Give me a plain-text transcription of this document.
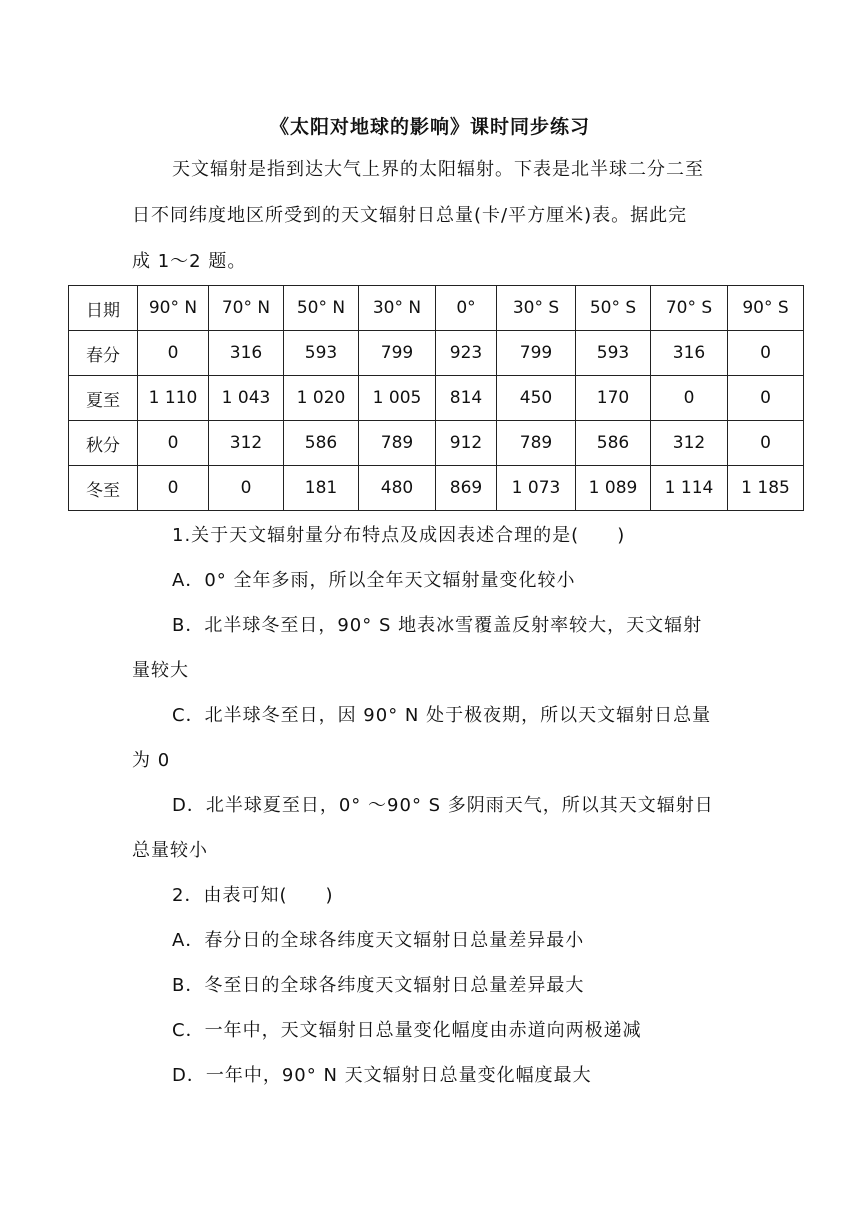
《太阳对地球的影响》课时同步练习
天文辐射是指到达大气上界的太阳辐射。下表是北半球二分二至
日不同纬度地区所受到的天文辐射日总量(卡/平方厘米)表。据此完
成 1～2 题。
日期	90° N	70° N	50° N	30° N	0°	30° S	50° S	70° S	90° S
春分	0	316	593	799	923	799	593	316	0
夏至	1 110	1 043	1 020	1 005	814	450	170	0	0
秋分	0	312	586	789	912	789	586	312	0
冬至	0	0	181	480	869	1 073	1 089	1 114	1 185
1.关于天文辐射量分布特点及成因表述合理的是(　　)
A．0° 全年多雨，所以全年天文辐射量变化较小
B．北半球冬至日，90° S 地表冰雪覆盖反射率较大，天文辐射
量较大
C．北半球冬至日，因 90° N 处于极夜期，所以天文辐射日总量
为 0
D．北半球夏至日，0° ～90° S 多阴雨天气，所以其天文辐射日
总量较小
2．由表可知(　　)
A．春分日的全球各纬度天文辐射日总量差异最小
B．冬至日的全球各纬度天文辐射日总量差异最大
C．一年中，天文辐射日总量变化幅度由赤道向两极递减
D．一年中，90° N 天文辐射日总量变化幅度最大
